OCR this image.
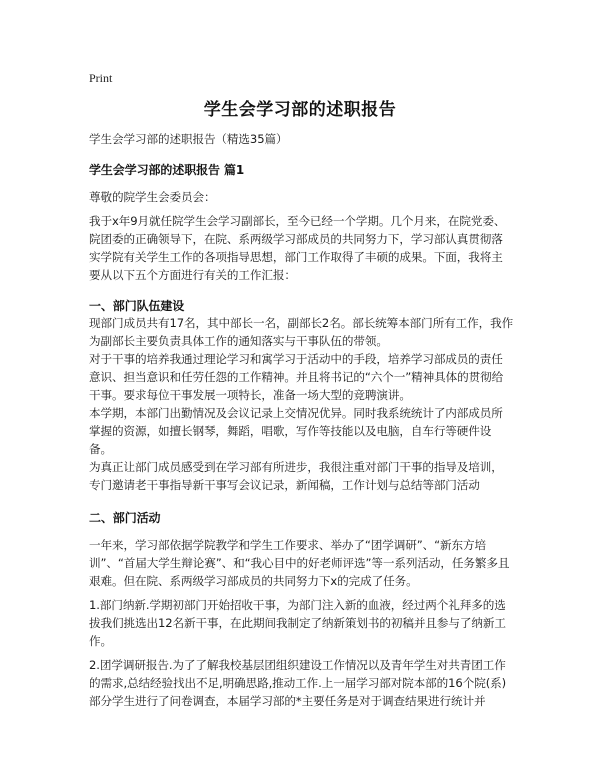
Print
学生会学习部的述职报告
学生会学习部的述职报告（精选35篇）
学生会学习部的述职报告 篇1
尊敬的院学生会委员会：
我于x年9月就任院学生会学习副部长，至今已经一个学期。几个月来，在院党委、院团委的正确领导下，在院、系两级学习部成员的共同努力下，学习部认真贯彻落实学院有关学生工作的各项指导思想，部门工作取得了丰硕的成果。下面，我将主要从以下五个方面进行有关的工作汇报：
一、部门队伍建设
现部门成员共有17名，其中部长一名，副部长2名。部长统筹本部门所有工作，我作为副部长主要负责具体工作的通知落实与干事队伍的带领。
对于干事的培养我通过理论学习和寓学习于活动中的手段，培养学习部成员的责任意识、担当意识和任劳任怨的工作精神。并且将书记的“六个一”精神具体的贯彻给干事。要求每位干事发展一项特长，准备一场大型的竞聘演讲。
本学期，本部门出勤情况及会议记录上交情况优异。同时我系统统计了内部成员所掌握的资源，如擅长钢琴，舞蹈，唱歌，写作等技能以及电脑，自车行等硬件设备。
为真正让部门成员感受到在学习部有所进步，我很注重对部门干事的指导及培训，专门邀请老干事指导新干事写会议记录，新闻稿，工作计划与总结等部门活动
二、部门活动
一年来，学习部依据学院教学和学生工作要求、举办了“团学调研”、“新东方培训”、“首届大学生辩论赛”、和“我心目中的好老师评选”等一系列活动，任务繁多且艰难。但在院、系两级学习部成员的共同努力下x的完成了任务。
1.部门纳新.学期初部门开始招收干事，为部门注入新的血液，经过两个礼拜多的选拔我们挑选出12名新干事，在此期间我制定了纳新策划书的初稿并且参与了纳新工作。
2.团学调研报告.为了了解我校基层团组织建设工作情况以及青年学生对共青团工作的需求,总结经验找出不足,明确思路,推动工作.上一届学习部对院本部的16个院(系)部分学生进行了问卷调查，本届学习部的*主要任务是对于调查结果进行统计并
